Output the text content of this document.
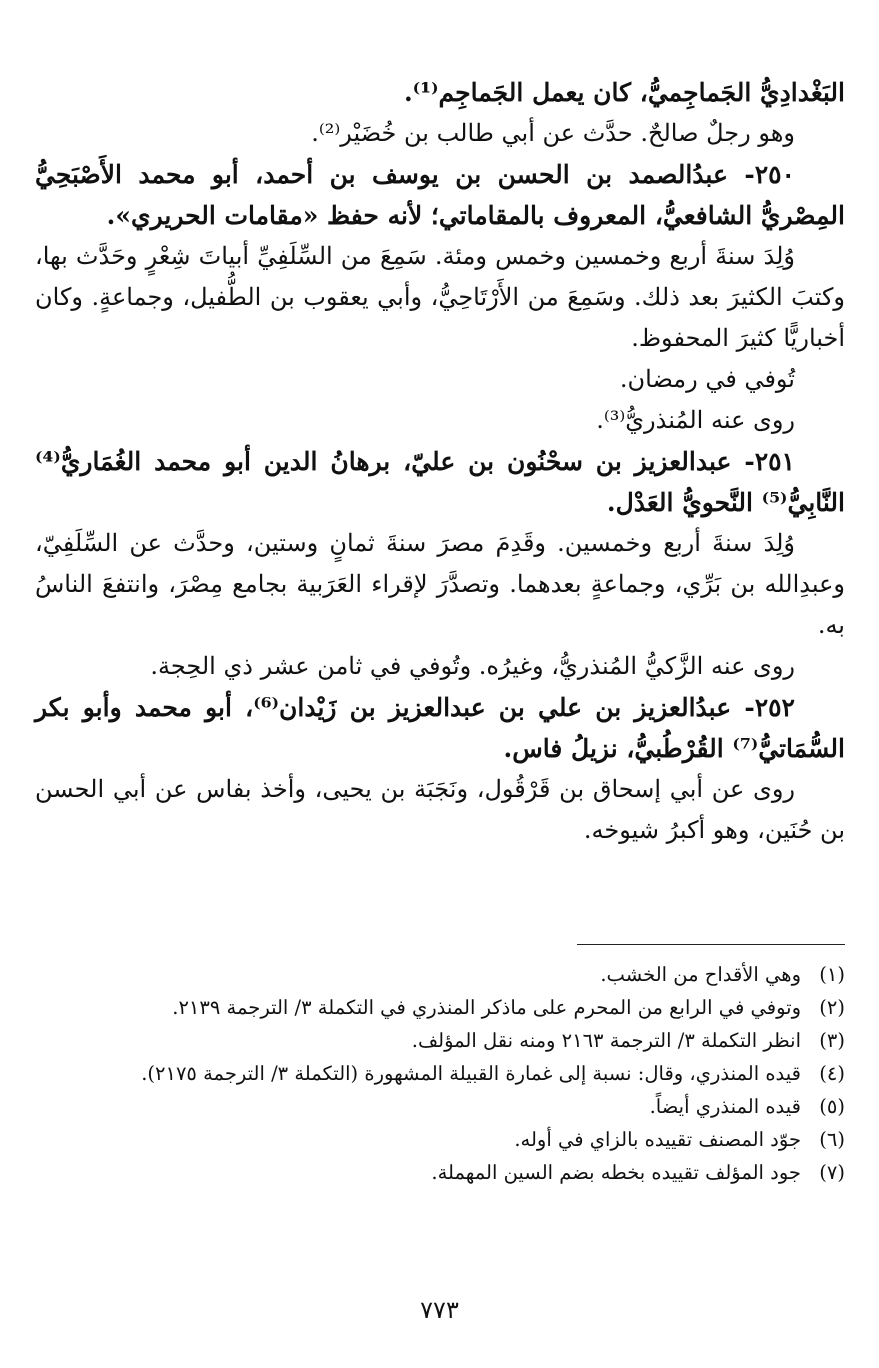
البَغْدادِيُّ الجَماجِميُّ، كان يعمل الجَماجِم⁽¹⁾.

وهو رجلٌ صالحٌ. حدَّث عن أبي طالب بن خُضَيْر⁽²⁾.

٢٥٠- عبدُالصمد بن الحسن بن يوسف بن أحمد، أبو محمد الأَصْبَحِيُّ المِصْريُّ الشافعيُّ، المعروف بالمقاماتي؛ لأنه حفظ «مقامات الحريري».

وُلِدَ سنةَ أربع وخمسين وخمس ومئة. سَمِعَ من السِّلَفِيِّ أبياتَ شِعْرٍ وحَدَّث بها، وكتبَ الكثيرَ بعد ذلك. وسَمِعَ من الأَرْتَاحِيُّ، وأبي يعقوب بن الطُّفيل، وجماعةٍ. وكان أخباريًّا كثيرَ المحفوظ.

تُوفي في رمضان.

روى عنه المُنذريُّ⁽³⁾.

٢٥١- عبدالعزيز بن سحْنُون بن عليّ، برهانُ الدين أبو محمد الغُمَاريُّ⁽⁴⁾ النَّابِيُّ⁽⁵⁾ النَّحويُّ العَدْل.

وُلِدَ سنةَ أربع وخمسين. وقَدِمَ مصرَ سنةَ ثمانٍ وستين، وحدَّث عن السِّلَفِيّ، وعبدِالله بن بَرِّي، وجماعةٍ بعدهما. وتصدَّرَ لإقراء العَرَبية بجامع مِصْرَ، وانتفعَ الناسُ به.

روى عنه الزَّكيُّ المُنذريُّ، وغيرُه. وتُوفي في ثامن عشر ذي الحِجة.

٢٥٢- عبدُالعزيز بن علي بن عبدالعزيز بن زَيْدان⁽⁶⁾، أبو محمد وأبو بكر السُّمَاتيُّ⁽⁷⁾ القُرْطُبيُّ، نزيلُ فاس.

روى عن أبي إسحاق بن قَرْقُول، ونَجَبَة بن يحيى، وأخذ بفاس عن أبي الحسن بن حُنَين، وهو أكبرُ شيوخه.

(١)
وهي الأقداح من الخشب.
(٢)
وتوفي في الرابع من المحرم على ماذكر المنذري في التكملة ٣/ الترجمة ٢١٣٩.
(٣)
انظر التكملة ٣/ الترجمة ٢١٦٣ ومنه نقل المؤلف.
(٤)
قيده المنذري، وقال: نسبة إلى غمارة القبيلة المشهورة (التكملة ٣/ الترجمة ٢١٧٥).
(٥)
قيده المنذري أيضاً.
(٦)
جوّد المصنف تقييده بالزاي في أوله.
(٧)
جود المؤلف تقييده بخطه بضم السين المهملة.
٧٧٣
